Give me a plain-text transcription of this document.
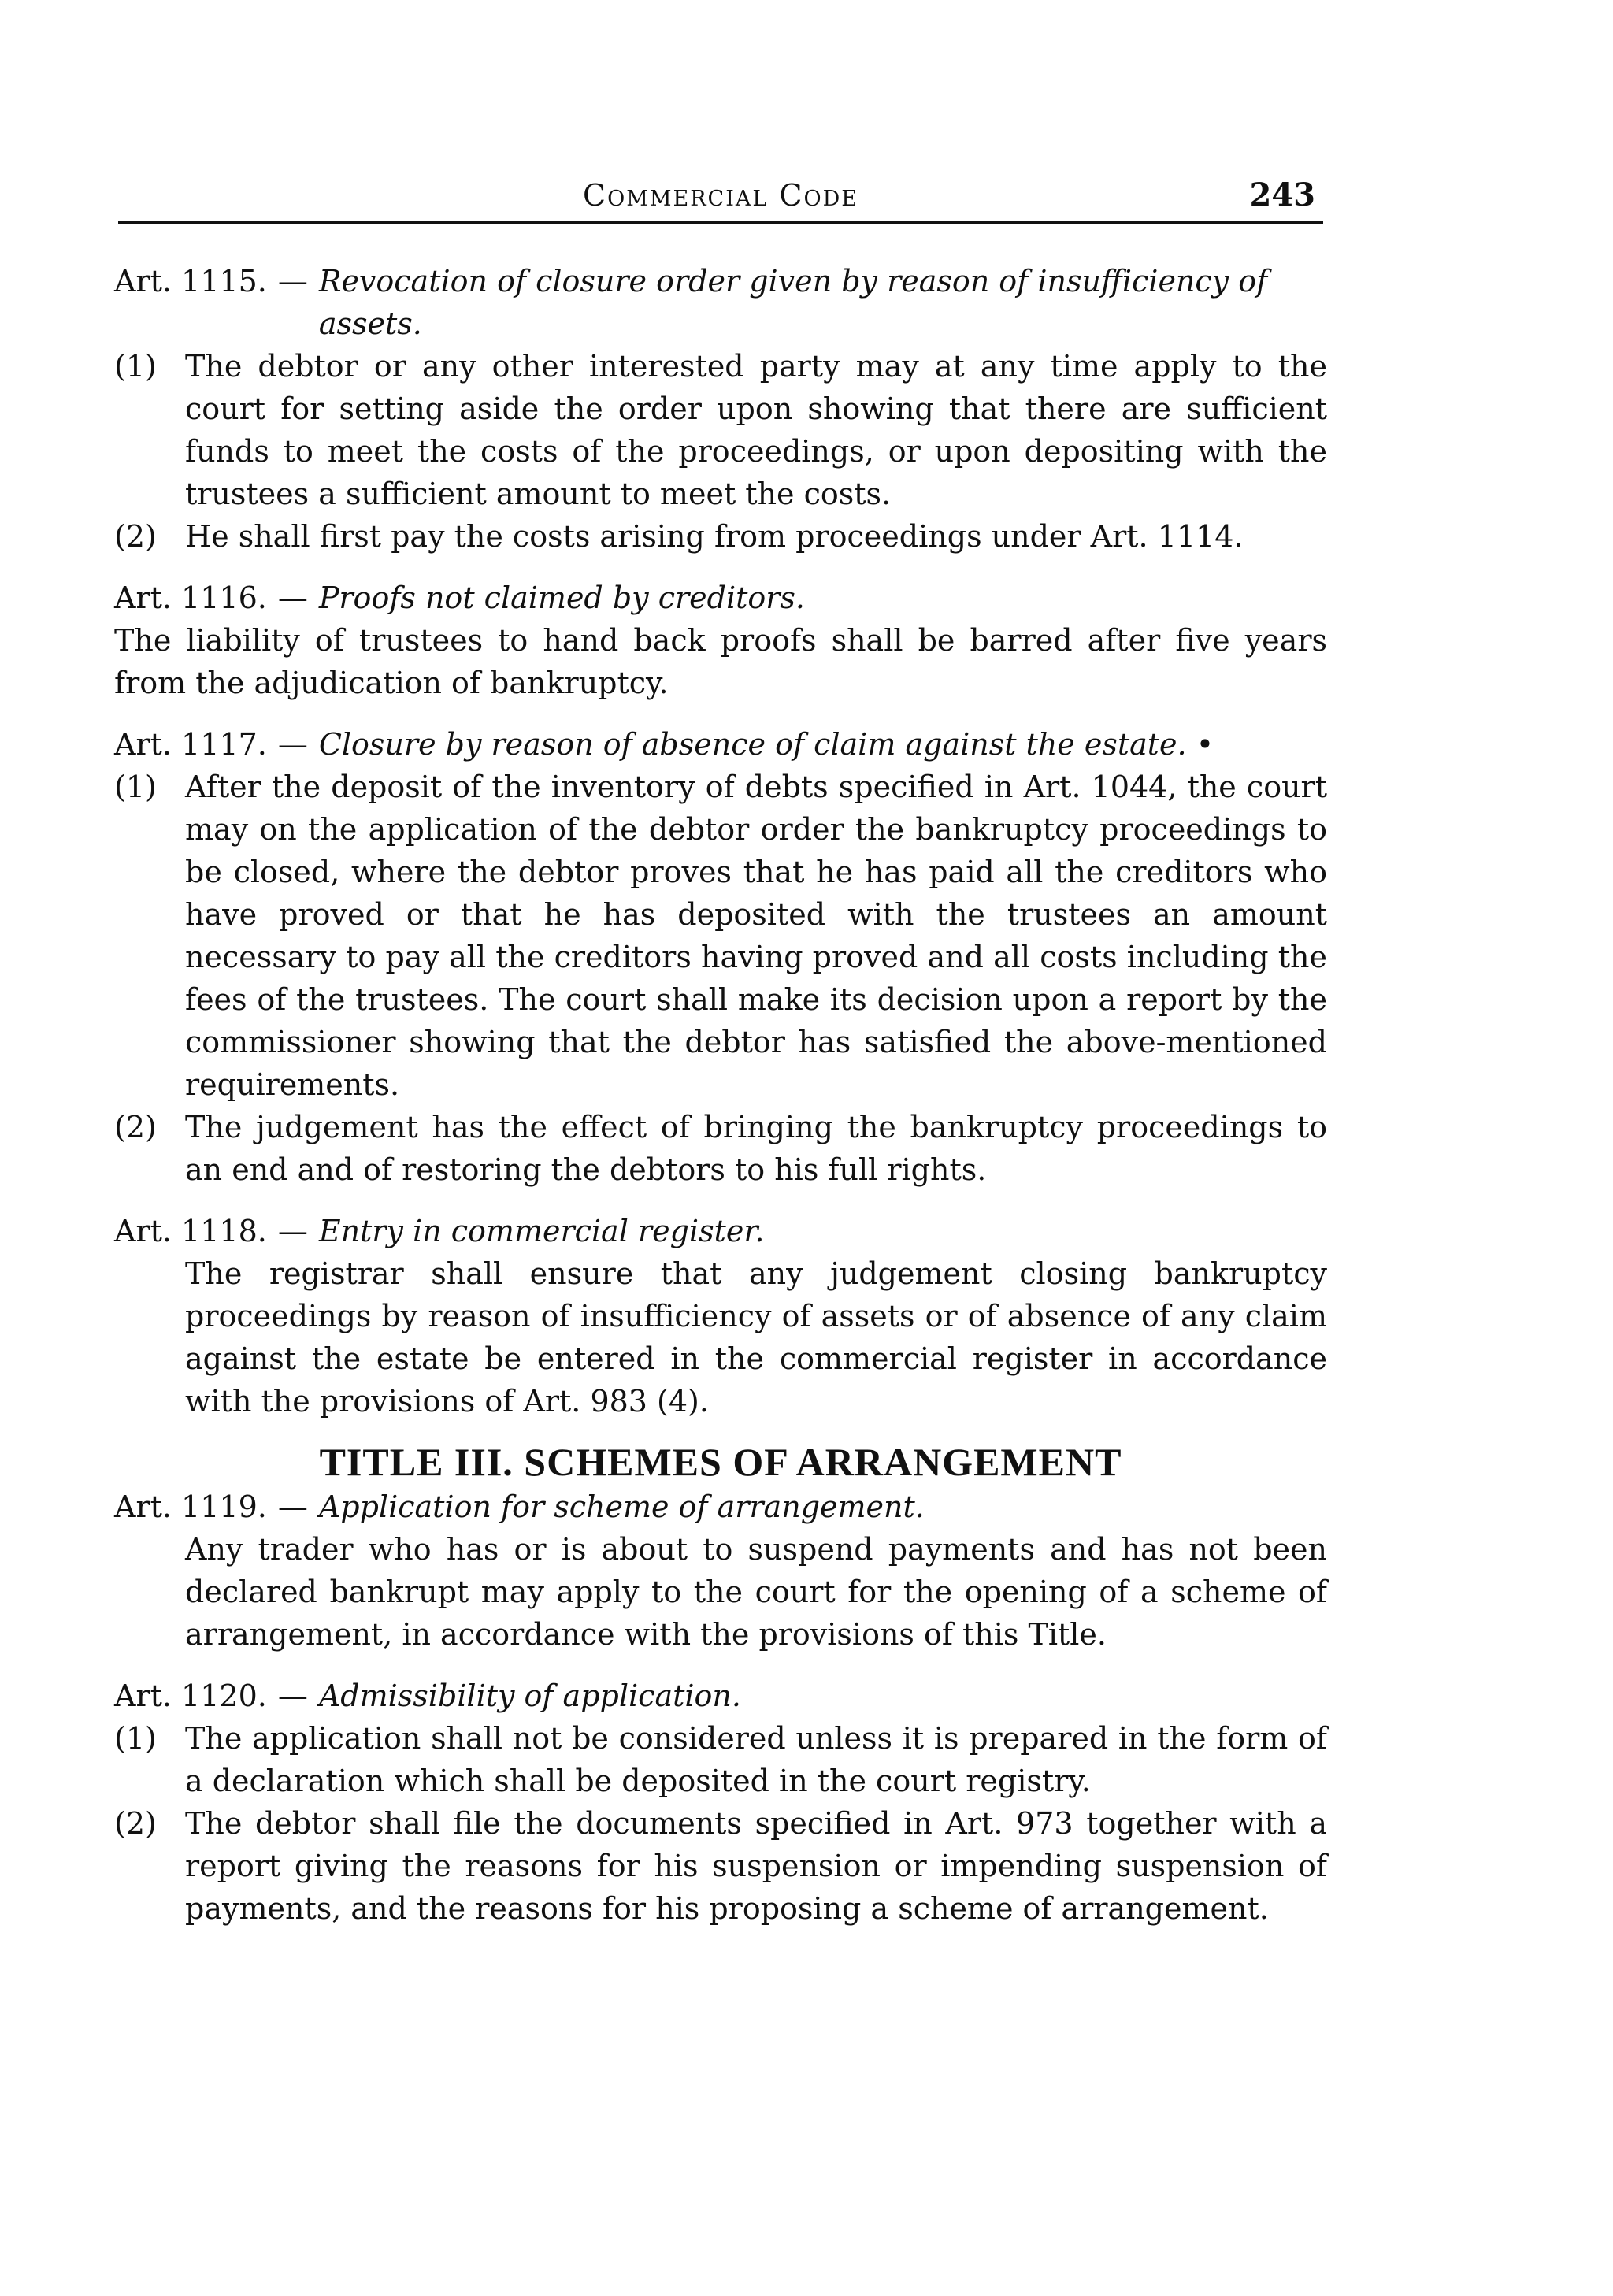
Commercial Code	243
Art. 1115. — Revocation of closure order given by reason of insufficiency of assets.
(1) The debtor or any other interested party may at any time apply to the court for setting aside the order upon showing that there are sufficient funds to meet the costs of the proceedings, or upon depositing with the trustees a sufficient amount to meet the costs.
(2) He shall first pay the costs arising from proceedings under Art. 1114.
Art. 1116. — Proofs not claimed by creditors.
The liability of trustees to hand back proofs shall be barred after five years from the adjudication of bankruptcy.
Art. 1117. — Closure by reason of absence of claim against the estate. •
(1) After the deposit of the inventory of debts specified in Art. 1044, the court may on the application of the debtor order the bankruptcy proceedings to be closed, where the debtor proves that he has paid all the creditors who have proved or that he has deposited with the trustees an amount necessary to pay all the creditors having proved and all costs including the fees of the trustees. The court shall make its decision upon a report by the commissioner showing that the debtor has satisfied the above-mentioned requirements.
(2) The judgement has the effect of bringing the bankruptcy proceedings to an end and of restoring the debtors to his full rights.
Art. 1118. — Entry in commercial register.
The registrar shall ensure that any judgement closing bankruptcy proceedings by reason of insufficiency of assets or of absence of any claim against the estate be entered in the commercial register in accordance with the provisions of Art. 983 (4).
TITLE III. SCHEMES OF ARRANGEMENT
Art. 1119. — Application for scheme of arrangement.
Any trader who has or is about to suspend payments and has not been declared bankrupt may apply to the court for the opening of a scheme of arrangement, in accordance with the provisions of this Title.
Art. 1120. — Admissibility of application.
(1) The application shall not be considered unless it is prepared in the form of a declaration which shall be deposited in the court registry.
(2) The debtor shall file the documents specified in Art. 973 together with a report giving the reasons for his suspension or impending suspension of payments, and the reasons for his proposing a scheme of arrangement.
